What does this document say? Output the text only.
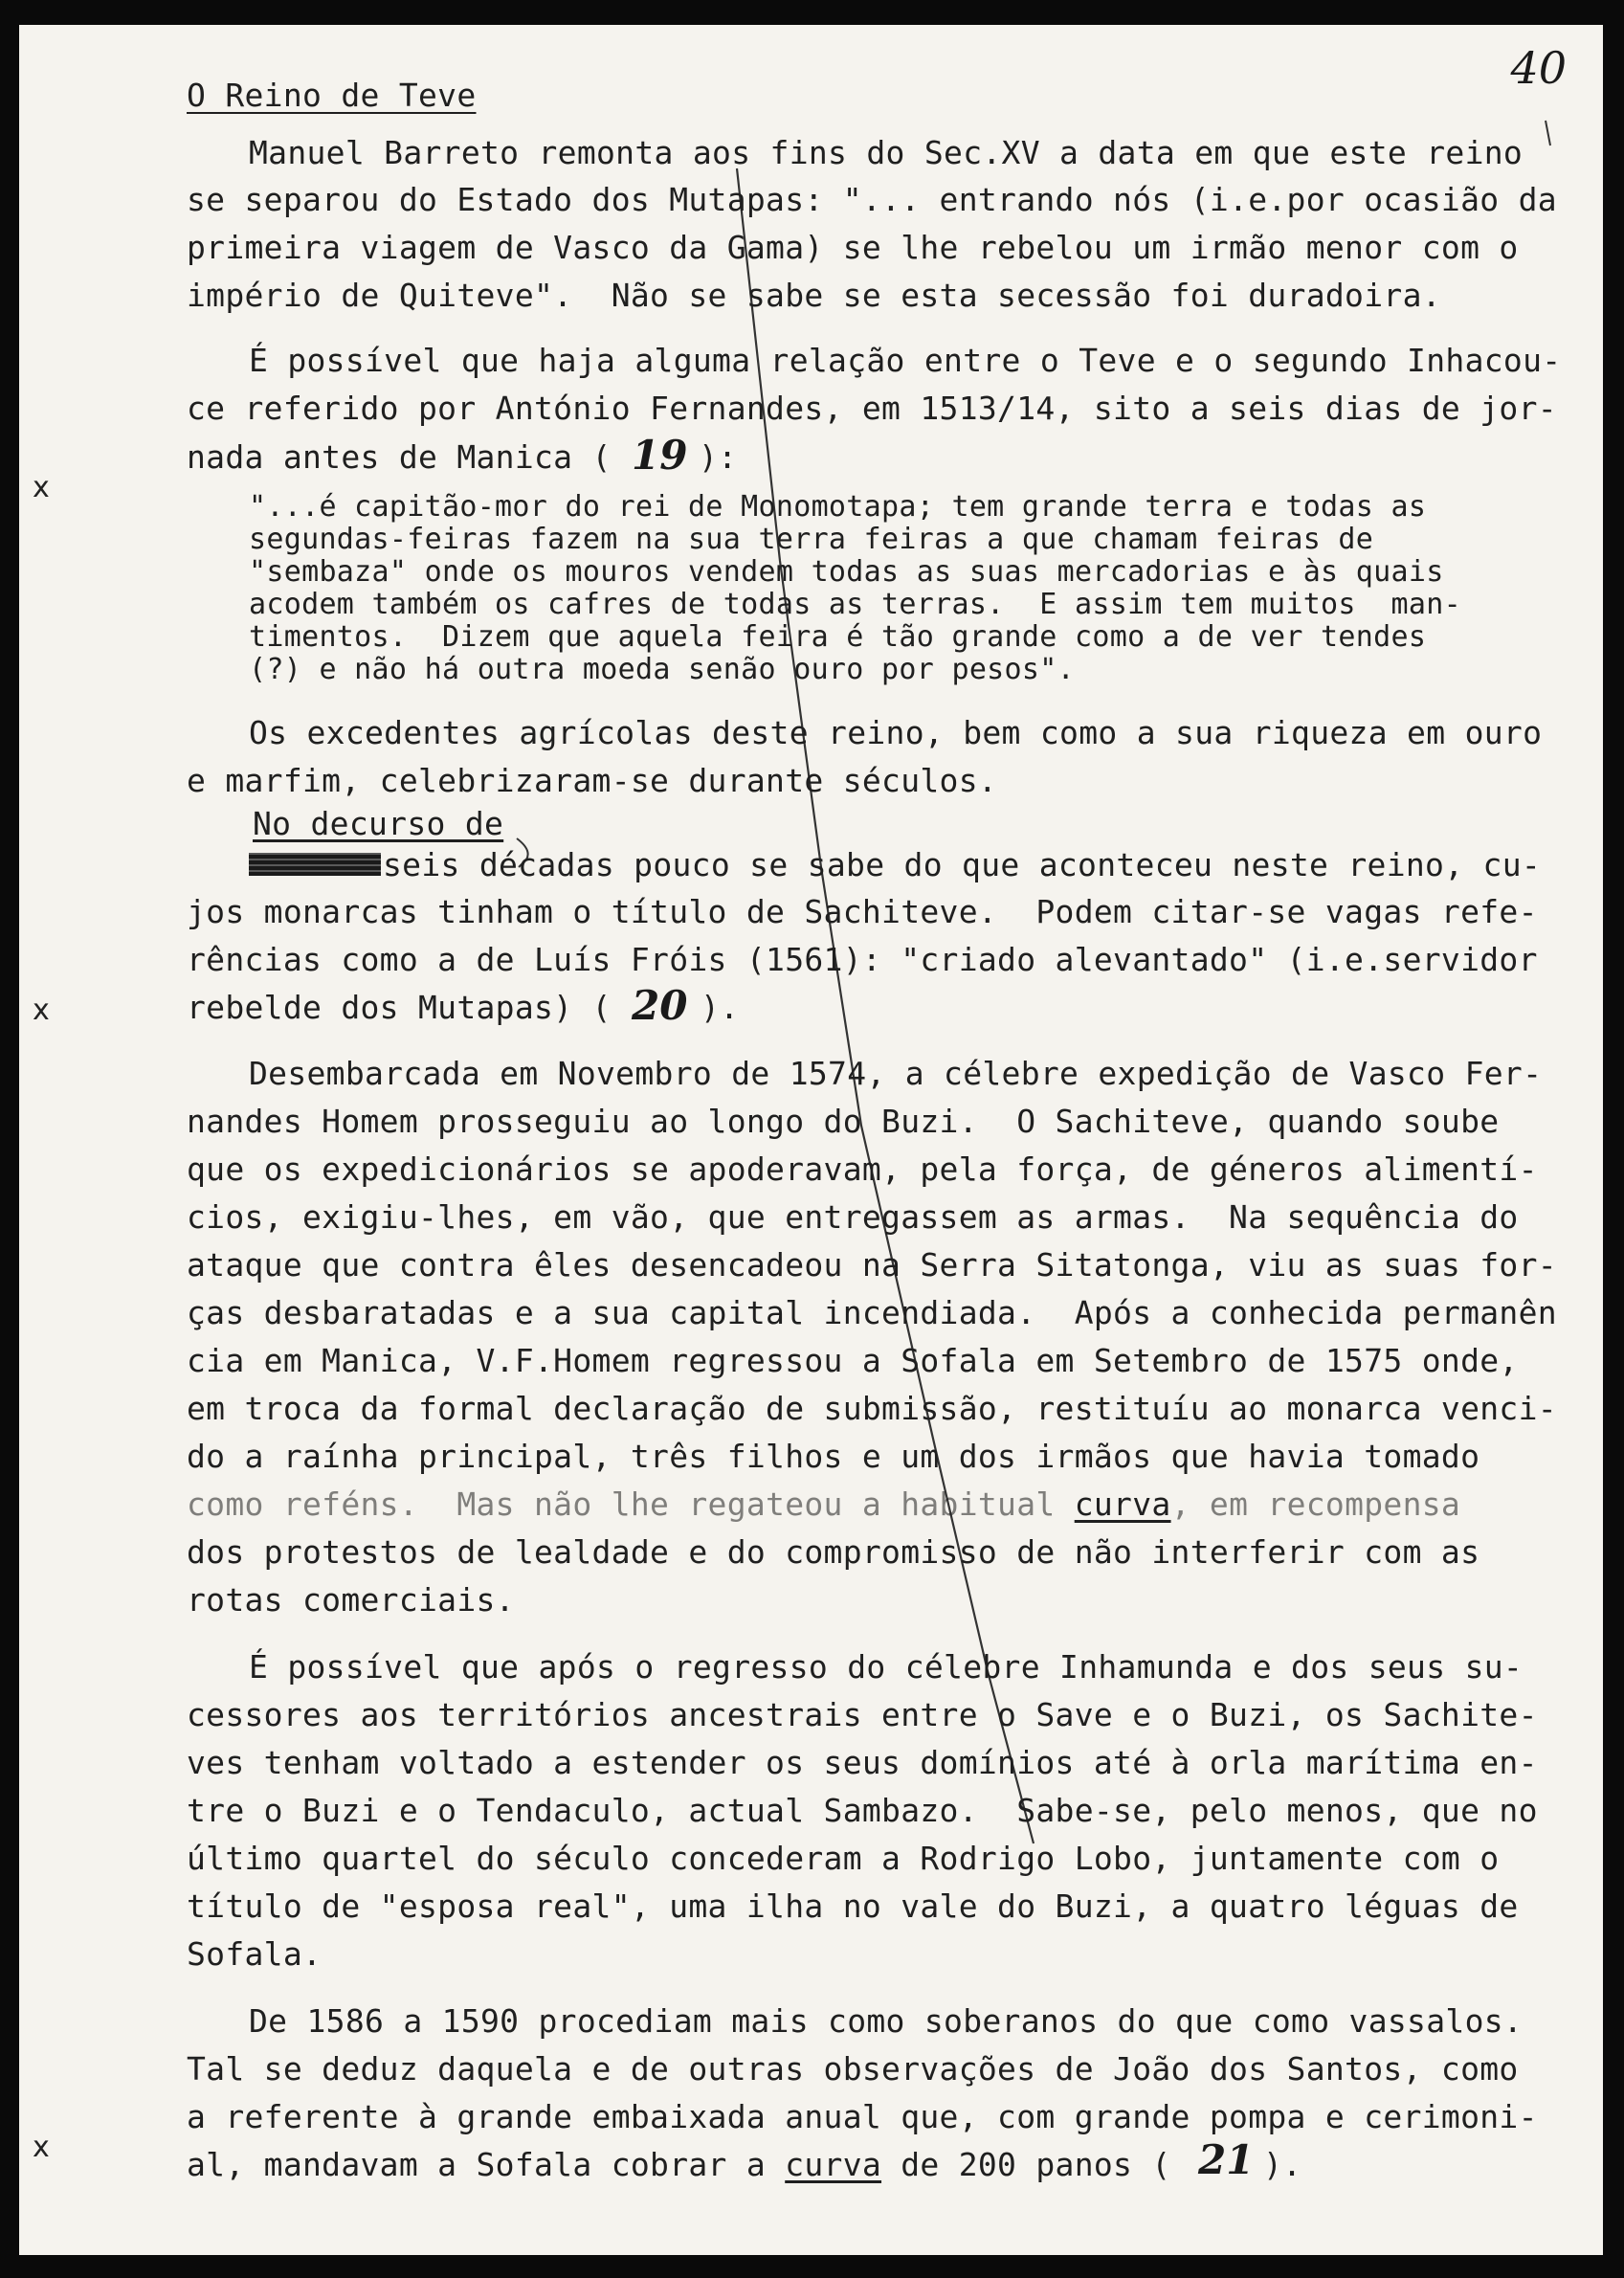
40
O Reino de Teve
x
x
x
Manuel Barreto remonta aos fins do Sec.XV a data em que este reino
se separou do Estado dos Mutapas: "... entrando nós (i.e.por ocasião da
primeira viagem de Vasco da Gama) se lhe rebelou um irmão menor com o
império de Quiteve".  Não se sabe se esta secessão foi duradoira.
É possível que haja alguma relação entre o Teve e o segundo Inhacou-
ce referido por António Fernandes, em 1513/14, sito a seis dias de jor-
nada antes de Manica ( 19 ):
"...é capitão-mor do rei de Monomotapa; tem grande terra e todas as
segundas-feiras fazem na sua terra feiras a que chamam feiras de
"sembaza" onde os mouros vendem todas as suas mercadorias e às quais
acodem também os cafres de todas as terras.  E assim tem muitos  man-
timentos.  Dizem que aquela feira é tão grande como a de ver tendes
(?) e não há outra moeda senão ouro por pesos".
Os excedentes agrícolas deste reino, bem como a sua riqueza em ouro
e marfim, celebrizaram-se durante séculos.
No decurso de
seis décadas pouco se sabe do que aconteceu neste reino, cu-
jos monarcas tinham o título de Sachiteve.  Podem citar-se vagas refe-
rências como a de Luís Fróis (1561): "criado alevantado" (i.e.servidor
rebelde dos Mutapas) ( 20 ).
Desembarcada em Novembro de 1574, a célebre expedição de Vasco Fer-
nandes Homem prosseguiu ao longo do Buzi.  O Sachiteve, quando soube
que os expedicionários se apoderavam, pela força, de géneros alimentí-
cios, exigiu-lhes, em vão, que entregassem as armas.  Na sequência do
ataque que contra êles desencadeou na Serra Sitatonga, viu as suas for-
ças desbaratadas e a sua capital incendiada.  Após a conhecida permanên
cia em Manica, V.F.Homem regressou a Sofala em Setembro de 1575 onde,
em troca da formal declaração de submissão, restituíu ao monarca venci-
do a raínha principal, três filhos e um dos irmãos que havia tomado
como reféns.  Mas não lhe regateou a habitual curva, em recompensa
dos protestos de lealdade e do compromisso de não interferir com as
rotas comerciais.
É possível que após o regresso do célebre Inhamunda e dos seus su-
cessores aos territórios ancestrais entre o Save e o Buzi, os Sachite-
ves tenham voltado a estender os seus domínios até à orla marítima en-
tre o Buzi e o Tendaculo, actual Sambazo.  Sabe-se, pelo menos, que no
último quartel do século concederam a Rodrigo Lobo, juntamente com o
título de "esposa real", uma ilha no vale do Buzi, a quatro léguas de
Sofala.
De 1586 a 1590 procediam mais como soberanos do que como vassalos.
Tal se deduz daquela e de outras observações de João dos Santos, como
a referente à grande embaixada anual que, com grande pompa e cerimoni-
al, mandavam a Sofala cobrar a curva de 200 panos ( 21 ).
